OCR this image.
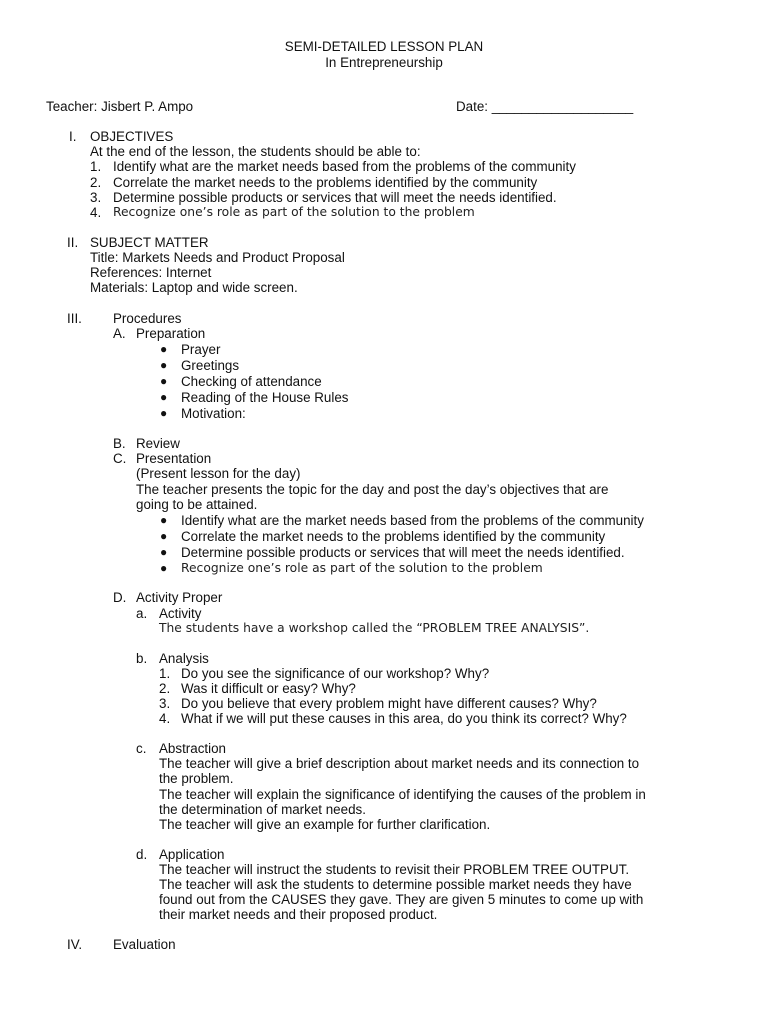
SEMI-DETAILED LESSON PLAN
In Entrepreneurship
Teacher: Jisbert P. Ampo	Date: ___________________
I. OBJECTIVES
At the end of the lesson, the students should be able to:
1. Identify what are the market needs based from the problems of the community
2. Correlate the market needs to the problems identified by the community
3. Determine possible products or services that will meet the needs identified.
4. Recognize one’s role as part of the solution to the problem
II. SUBJECT MATTER
Title: Markets Needs and Product Proposal
References: Internet
Materials: Laptop and wide screen.
III. Procedures
A. Preparation
● Prayer
● Greetings
● Checking of attendance
● Reading of the House Rules
● Motivation:
B. Review
C. Presentation
(Present lesson for the day)
The teacher presents the topic for the day and post the day’s objectives that are
going to be attained.
● Identify what are the market needs based from the problems of the community
● Correlate the market needs to the problems identified by the community
● Determine possible products or services that will meet the needs identified.
● Recognize one’s role as part of the solution to the problem
D. Activity Proper
a. Activity
The students have a workshop called the “PROBLEM TREE ANALYSIS”.
b. Analysis
1. Do you see the significance of our workshop? Why?
2. Was it difficult or easy? Why?
3. Do you believe that every problem might have different causes? Why?
4. What if we will put these causes in this area, do you think its correct? Why?
c. Abstraction
The teacher will give a brief description about market needs and its connection to
the problem.
The teacher will explain the significance of identifying the causes of the problem in
the determination of market needs.
The teacher will give an example for further clarification.
d. Application
The teacher will instruct the students to revisit their PROBLEM TREE OUTPUT.
The teacher will ask the students to determine possible market needs they have
found out from the CAUSES they gave. They are given 5 minutes to come up with
their market needs and their proposed product.
IV. Evaluation
